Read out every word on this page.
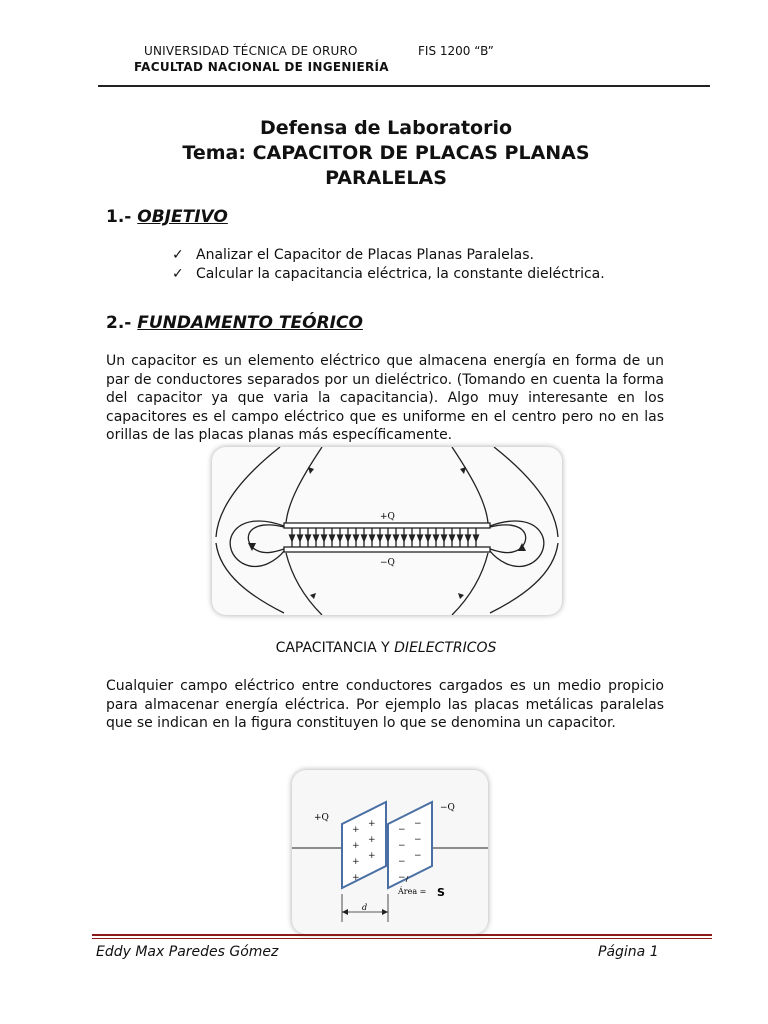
UNIVERSIDAD TÉCNICA DE ORURO	FIS 1200 “B”
FACULTAD NACIONAL DE INGENIERÍA
Defensa de Laboratorio
Tema: CAPACITOR DE PLACAS PLANAS
PARALELAS
1.- OBJETIVO
✓ Analizar el Capacitor de Placas Planas Paralelas.
✓ Calcular la capacitancia eléctrica, la constante dieléctrica.
2.- FUNDAMENTO TEÓRICO

Un capacitor es un elemento eléctrico que almacena energía en forma de un par de conductores separados por un dieléctrico. (Tomando en cuenta la forma del capacitor ya que varia la capacitancia). Algo muy interesante en los capacitores es el campo eléctrico que es uniforme en el centro pero no en las orillas de las placas planas más específicamente.

+Q
−Q
CAPACITANCIA Y DIELECTRICOS

Cualquier campo eléctrico entre conductores cargados es un medio propicio para almacenar energía eléctrica. Por ejemplo las placas metálicas paralelas que se indican en la figura constituyen lo que se denomina un capacitor.

+
+
+
+
+
+
+
−
−
−
−
−
−
−
+Q
−Q
Área = S
d
Eddy Max Paredes Gómez	Página 1
